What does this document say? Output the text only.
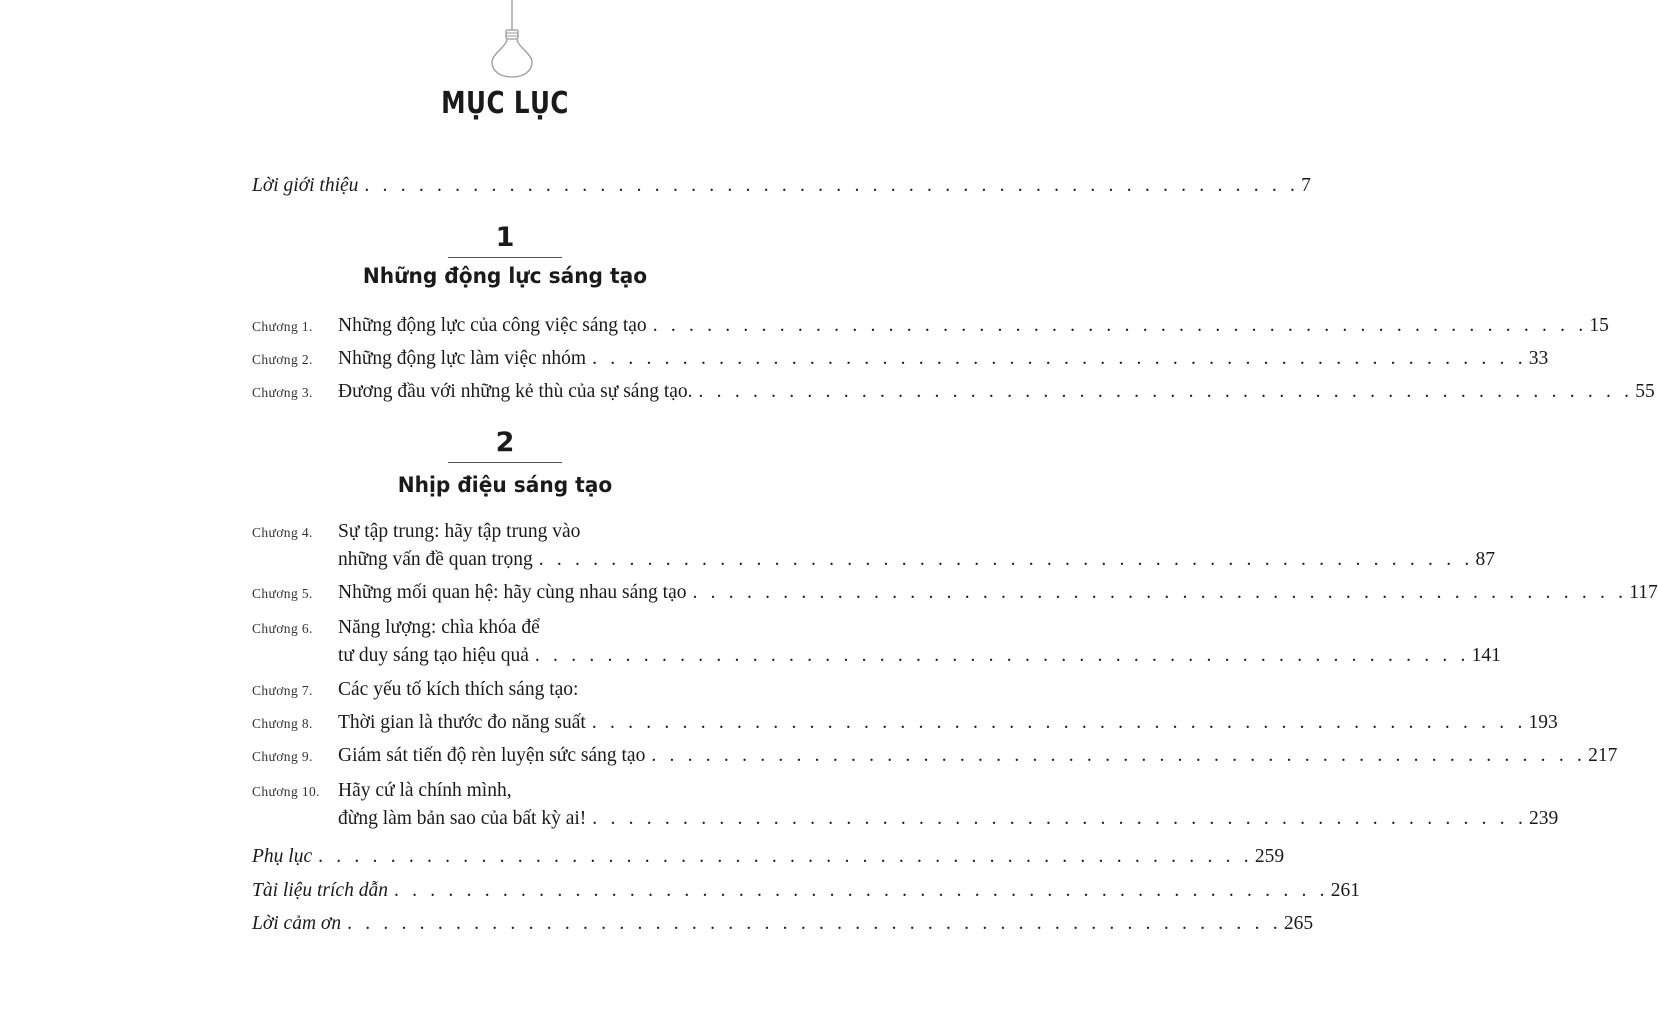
MỤC LỤC
Lời giới thiệu . . . . . . . . . . . . . . . . . . . . . . . . . . . . . . . . . . . . . . . . . . . . . . . . . . . . 7
1
Những động lực sáng tạo
Chương 1.	Những động lực của công việc sáng tạo . . . . . . . . . . . . . . . . . . . . . . . . . . . . . . . . . . . . . . . . . . . . . . . . . . . . 15
Chương 2.	Những động lực làm việc nhóm . . . . . . . . . . . . . . . . . . . . . . . . . . . . . . . . . . . . . . . . . . . . . . . . . . . . 33
Chương 3.	Đương đầu với những kẻ thù của sự sáng tạo. . . . . . . . . . . . . . . . . . . . . . . . . . . . . . . . . . . . . . . . . . . . . . . . . . . . . 55
2
Nhịp điệu sáng tạo
Chương 4.	Sự tập trung: hãy tập trung vào
những vấn đề quan trọng . . . . . . . . . . . . . . . . . . . . . . . . . . . . . . . . . . . . . . . . . . . . . . . . . . . . 87
Chương 5.	Những mối quan hệ: hãy cùng nhau sáng tạo . . . . . . . . . . . . . . . . . . . . . . . . . . . . . . . . . . . . . . . . . . . . . . . . . . . . 117
Chương 6.	Năng lượng: chìa khóa để
tư duy sáng tạo hiệu quả . . . . . . . . . . . . . . . . . . . . . . . . . . . . . . . . . . . . . . . . . . . . . . . . . . . . 141
Chương 7.	Các yếu tố kích thích sáng tạo:
Chương 8.	Thời gian là thước đo năng suất . . . . . . . . . . . . . . . . . . . . . . . . . . . . . . . . . . . . . . . . . . . . . . . . . . . . 193
Chương 9.	Giám sát tiến độ rèn luyện sức sáng tạo . . . . . . . . . . . . . . . . . . . . . . . . . . . . . . . . . . . . . . . . . . . . . . . . . . . . 217
Chương 10. Hãy cứ là chính mình,
đừng làm bản sao của bất kỳ ai! . . . . . . . . . . . . . . . . . . . . . . . . . . . . . . . . . . . . . . . . . . . . . . . . . . . . 239
Phụ lục . . . . . . . . . . . . . . . . . . . . . . . . . . . . . . . . . . . . . . . . . . . . . . . . . . . . 259
Tài liệu trích dẫn . . . . . . . . . . . . . . . . . . . . . . . . . . . . . . . . . . . . . . . . . . . . . . . . . . . . 261
Lời cảm ơn . . . . . . . . . . . . . . . . . . . . . . . . . . . . . . . . . . . . . . . . . . . . . . . . . . . . 265
